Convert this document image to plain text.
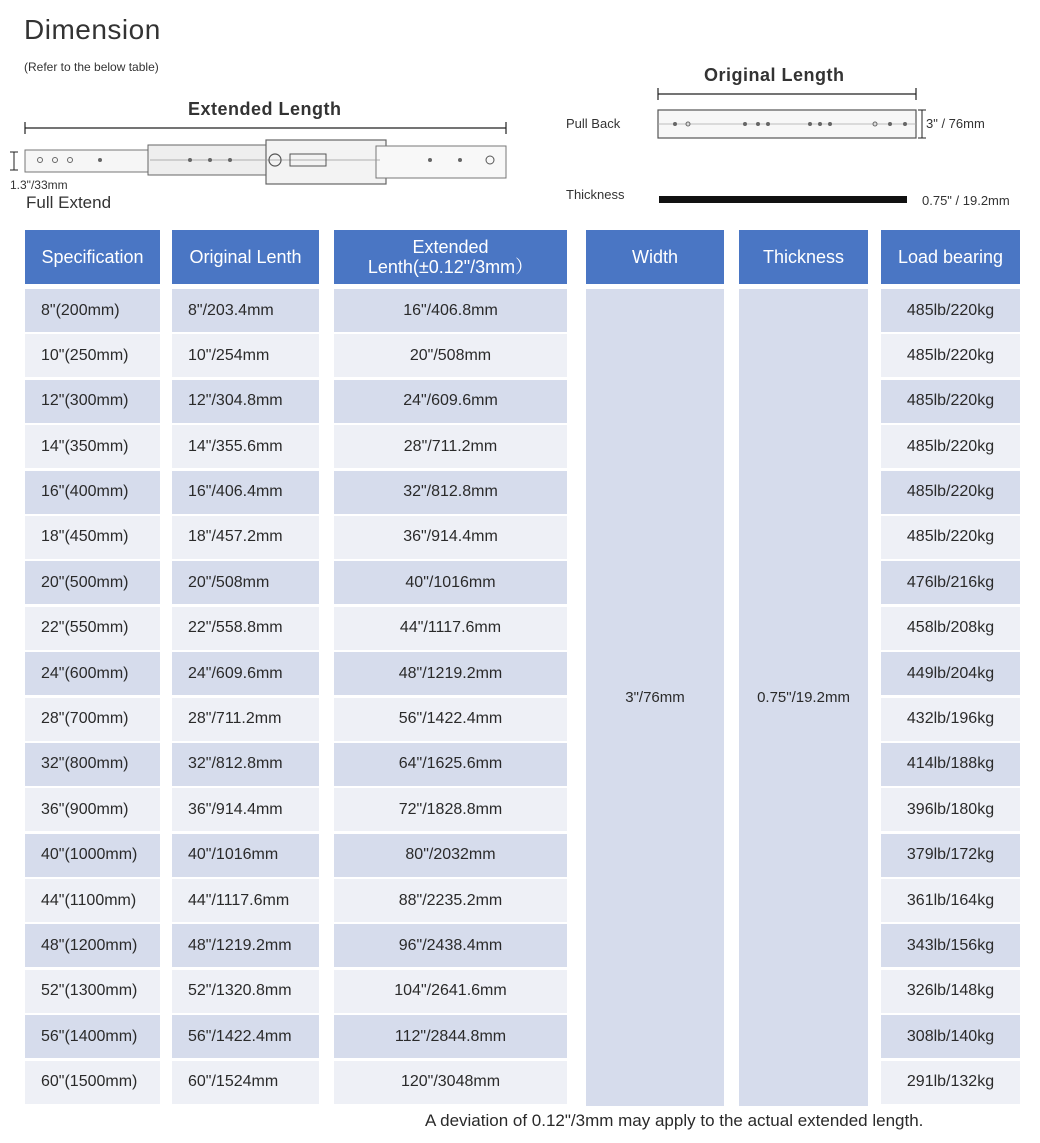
Dimension
(Refer to the below table)
Extended Length
1.3"/33mm
Full Extend
Original Length
Pull Back	3" / 76mm
Thickness	0.75" / 19.2mm
Specification
8"(200mm)
10"(250mm)
12"(300mm)
14"(350mm)
16"(400mm)
18"(450mm)
20"(500mm)
22"(550mm)
24"(600mm)
28"(700mm)
32"(800mm)
36"(900mm)
40"(1000mm)
44"(1100mm)
48"(1200mm)
52"(1300mm)
56"(1400mm)
60"(1500mm)
Original Lenth
8"/203.4mm
10"/254mm
12"/304.8mm
14"/355.6mm
16"/406.4mm
18"/457.2mm
20"/508mm
22"/558.8mm
24"/609.6mm
28"/711.2mm
32"/812.8mm
36"/914.4mm
40"/1016mm
44"/1117.6mm
48"/1219.2mm
52"/1320.8mm
56"/1422.4mm
60"/1524mm
Extended Lenth(±0.12"/3mm）
16"/406.8mm
20"/508mm
24"/609.6mm
28"/711.2mm
32"/812.8mm
36"/914.4mm
40"/1016mm
44"/1117.6mm
48"/1219.2mm
56"/1422.4mm
64"/1625.6mm
72"/1828.8mm
80"/2032mm
88"/2235.2mm
96"/2438.4mm
104"/2641.6mm
112"/2844.8mm
120"/3048mm
Width
3"/76mm
Thickness
0.75"/19.2mm
Load bearing
485lb/220kg
485lb/220kg
485lb/220kg
485lb/220kg
485lb/220kg
485lb/220kg
476lb/216kg
458lb/208kg
449lb/204kg
432lb/196kg
414lb/188kg
396lb/180kg
379lb/172kg
361lb/164kg
343lb/156kg
326lb/148kg
308lb/140kg
291lb/132kg
A deviation of 0.12"/3mm may apply to the actual extended length.
